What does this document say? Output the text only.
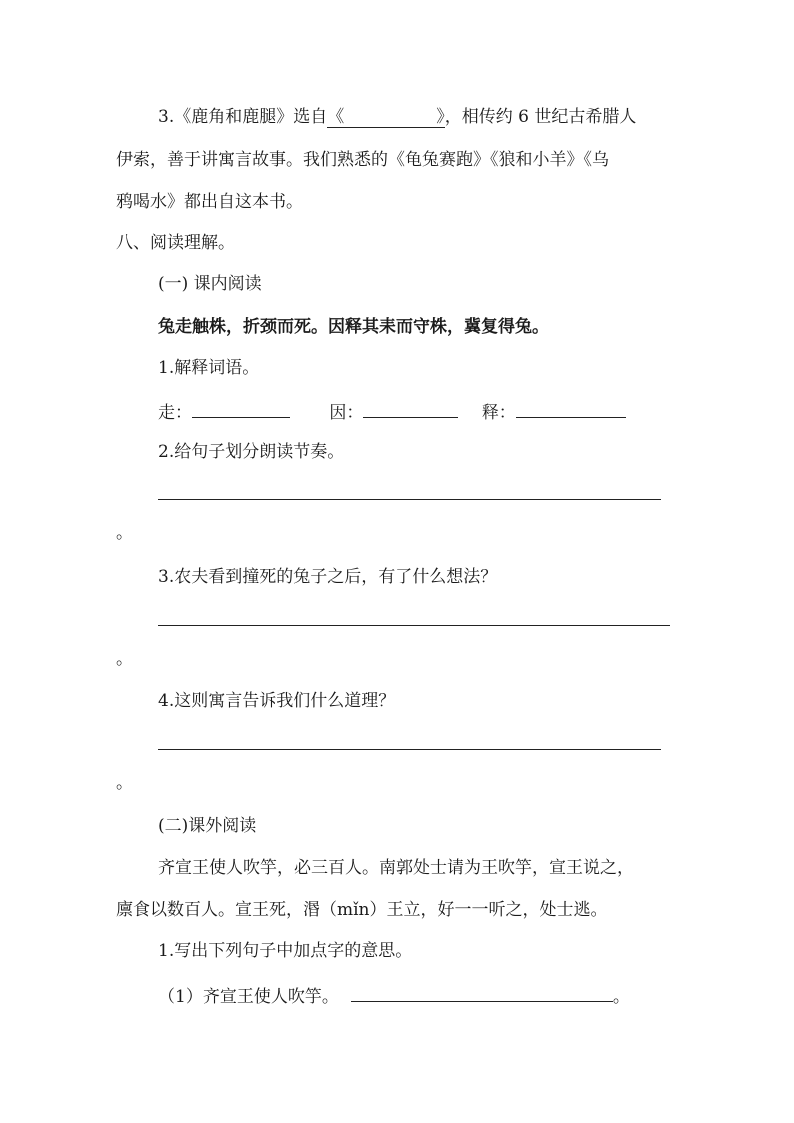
3.《鹿角和鹿腿》选自《	》，相传约 6 世纪古希腊人
伊索，善于讲寓言故事。我们熟悉的《龟兔赛跑》《狼和小羊》《乌
鸦喝水》都出自这本书。
八、阅读理解。
(一) 课内阅读
兔走触株，折颈而死。因释其耒而守株，冀复得兔。
1.解释词语。
走：	因：	释：
2.给句子划分朗读节奏。
。
3.农夫看到撞死的兔子之后，有了什么想法？
。
4.这则寓言告诉我们什么道理？
。
(二)课外阅读
齐宣王使人吹竽，必三百人。南郭处士请为王吹竽，宣王说之，
廪食以数百人。宣王死，湣（mǐn）王立，好一一听之，处士逃。
1.写出下列句子中加点字的意思。
（1）齐宣王使人吹竽。	。
